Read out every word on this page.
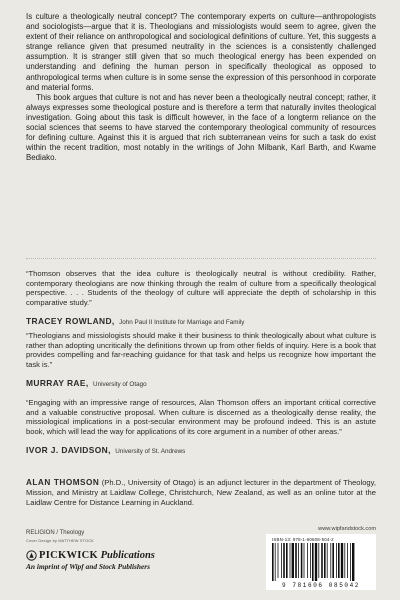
Is culture a theologically neutral concept? The contemporary experts on culture—anthropologists and sociologists—argue that it is. Theologians and missiologists would seem to agree, given the extent of their reliance on anthropological and sociological definitions of culture. Yet, this suggests a strange reliance given that presumed neutrality in the sciences is a consistently challenged assumption. It is stranger still given that so much theological energy has been expended on understanding and defining the human person in specifically theological as opposed to anthropological terms when culture is in some sense the expression of this personhood in corporate and material forms.

This book argues that culture is not and has never been a theologically neutral concept; rather, it always expresses some theological posture and is therefore a term that naturally invites theological investigation. Going about this task is difficult however, in the face of a longterm reliance on the social sciences that seems to have starved the contemporary theological community of resources for defining culture. Against this it is argued that rich subterranean veins for such a task do exist within the recent tradition, most notably in the writings of John Milbank, Karl Barth, and Kwame Bediako.

“Thomson observes that the idea culture is theologically neutral is without credibility. Rather, contemporary theologians are now thinking through the realm of culture from a specifically theological perspective. . . . Students of the theology of culture will appreciate the depth of scholarship in this comparative study.”

TRACEY ROWLAND, John Paul II Institute for Marriage and Family

“Theologians and missiologists should make it their business to think theologically about what culture is rather than adopting uncritically the definitions thrown up from other fields of inquiry. Here is a book that provides compelling and far-reaching guidance for that task and helps us recognize how important the task is.”

MURRAY RAE, University of Otago

“Engaging with an impressive range of resources, Alan Thomson offers an important critical corrective and a valuable constructive proposal. When culture is discerned as a theologically dense reality, the missiological implications in a post-secular environment may be profound indeed. This is an astute book, which will lead the way for applications of its core argument in a number of other areas.”

IVOR J. DAVIDSON, University of St. Andrews
ALAN THOMSON (Ph.D., University of Otago) is an adjunct lecturer in the department of Theology, Mission, and Ministry at Laidlaw College, Christchurch, New Zealand, as well as an online tutor at the Laidlaw Centre for Distance Learning in Auckland.
RELIGION / Theology
Cover Design by MATTHEW STOCK
PICKWICK Publications
An imprint of Wipf and Stock Publishers
www.wipfandstock.com
ISBN-13: 978-1-60608-504-2
9 781606 085042
